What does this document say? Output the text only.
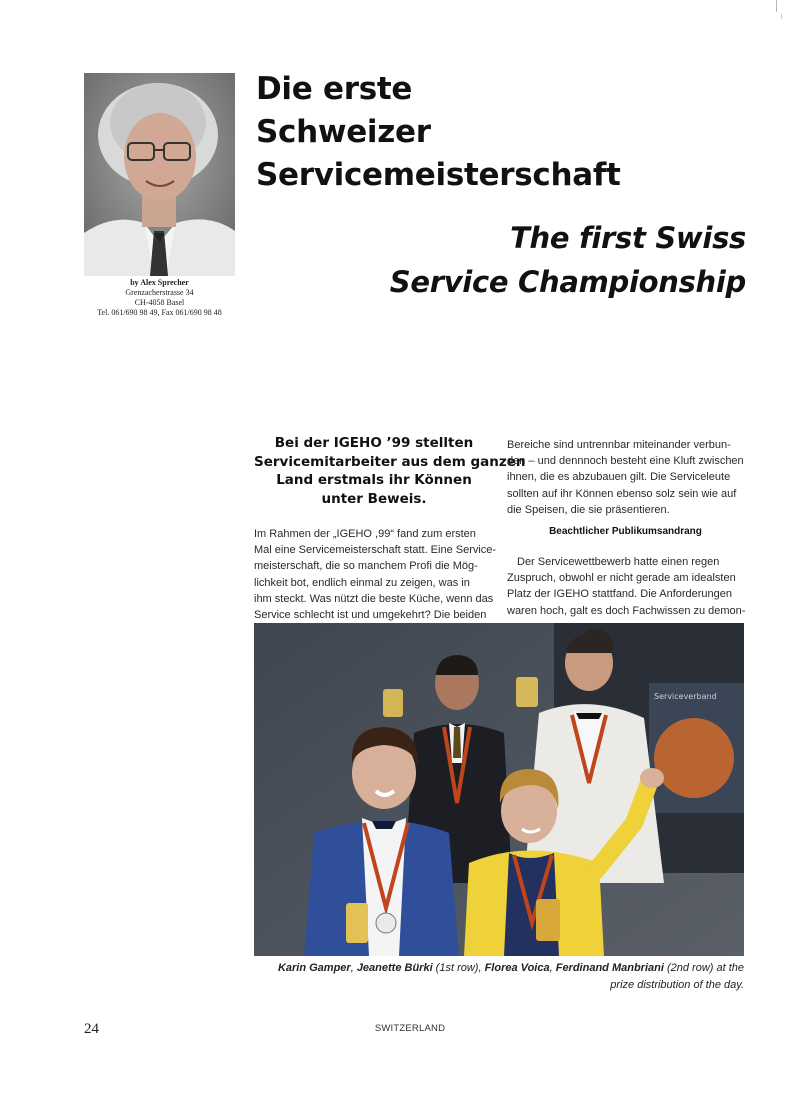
by Alex Sprecher
Grenzacherstrasse 34
CH-4058 Basel
Tel. 061/690 98 49, Fax 061/690 98 48
Die erste
Schweizer
Servicemeisterschaft
The first Swiss
Service Championship
Bei der IGEHO ’99 stellten
Servicemitarbeiter aus dem ganzen
Land erstmals ihr Können
unter Beweis.
Im Rahmen der „IGEHO ,99“ fand zum ersten
Mal eine Servicemeisterschaft statt. Eine Service-
meisterschaft, die so manchem Profi die Mög-
lichkeit bot, endlich einmal zu zeigen, was in
ihm steckt. Was nützt die beste Küche, wenn das
Service schlecht ist und umgekehrt? Die beiden
Bereiche sind untrennbar miteinander verbun-
den – und dennnoch besteht eine Kluft zwischen
ihnen, die es abzubauen gilt. Die Serviceleute
sollten auf ihr Können ebenso solz sein wie auf
die Speisen, die sie präsentieren.
Beachtlicher Publikumsandrang
Der Servicewettbewerb hatte einen regen
Zuspruch, obwohl er nicht gerade am idealsten
Platz der IGEHO stattfand. Die Anforderungen
waren hoch, galt es doch Fachwissen zu demon-
Serviceverband
Karin Gamper, Jeanette Bürki (1st row), Florea Voica, Ferdinand Manbriani (2nd row) at the
prize distribution of the day.
24	SWITZERLAND
